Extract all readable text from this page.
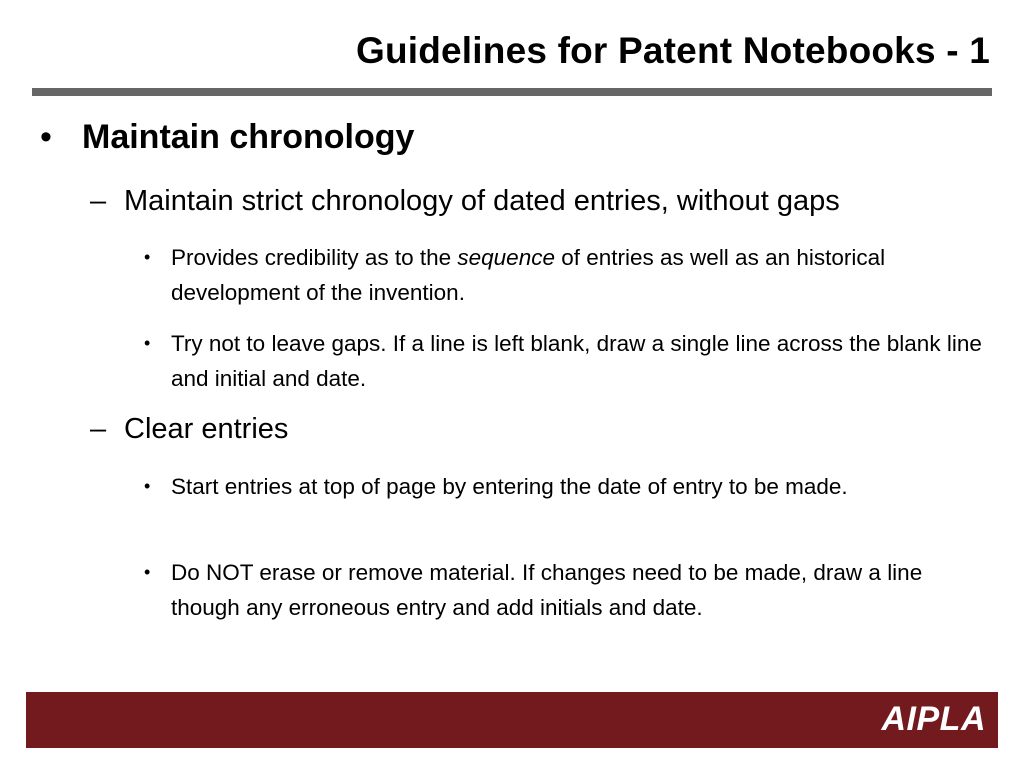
Guidelines for Patent Notebooks - 1
• Maintain chronology
– Maintain strict chronology of dated entries, without gaps
• Provides credibility as to the sequence of entries as well as an historical development of the invention.
• Try not to leave gaps. If a line is left blank, draw a single line across the blank line and initial and date.
– Clear entries
• Start entries at top of page by entering the date of entry to be made.
• Do NOT erase or remove material. If changes need to be made, draw a line though any erroneous entry and add initials and date.
AIPLA
